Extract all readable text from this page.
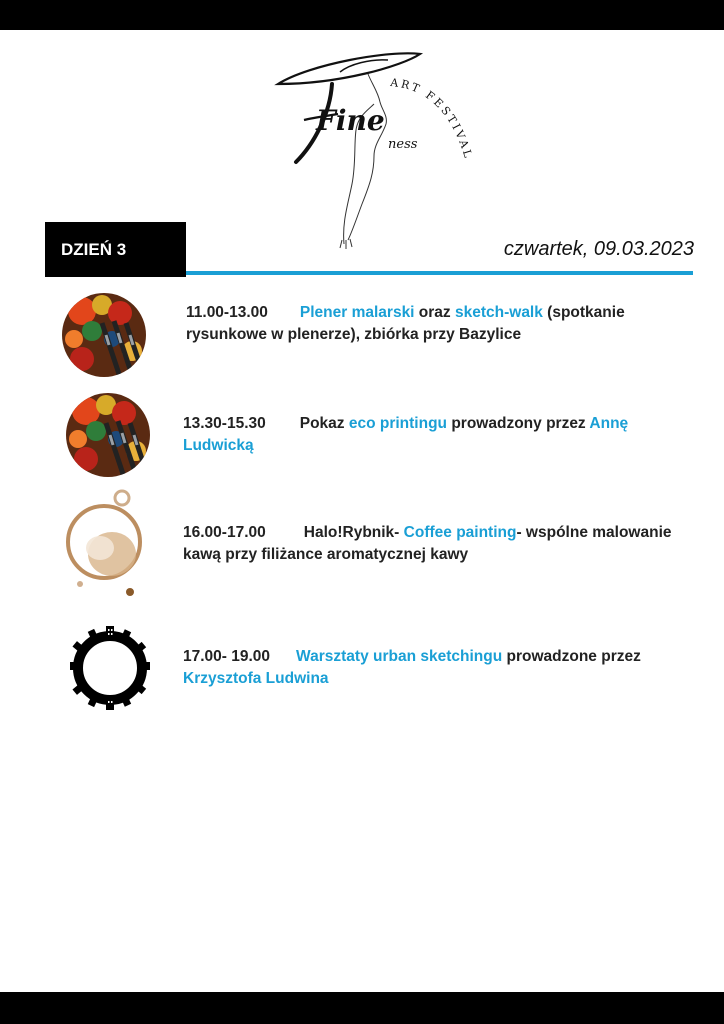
Fine
ness
ART FESTIVAL
DZIEŃ 3	czwartek, 09.03.2023
11.00-13.00 Plener malarski oraz sketch-walk (spotkanie rysunkowe w plenerze), zbiórka przy Bazylice
13.30-15.30 Pokaz eco printingu prowadzony przez Annę Ludwicką
16.00-17.00 Halo!Rybnik- Coffee painting- wspólne malowanie kawą przy filiżance aromatycznej kawy
17.00- 19.00 Warsztaty urban sketchingu prowadzone przez Krzysztofa Ludwina
